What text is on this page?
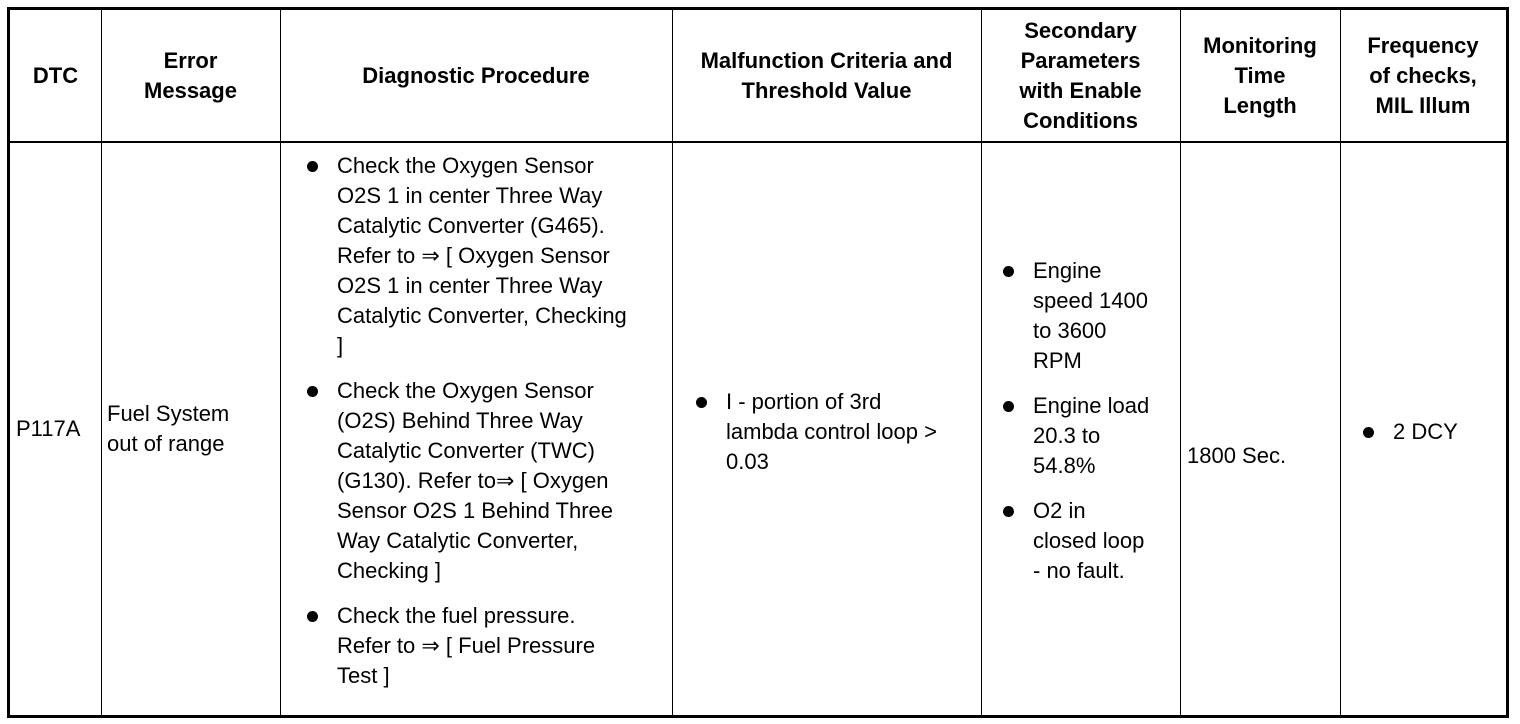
DTC
Error
Message
Diagnostic Procedure
Malfunction Criteria and
Threshold Value
Secondary
Parameters
with Enable
Conditions
Monitoring
Time
Length
Frequency
of checks,
MIL Illum
P117A
Fuel System
out of range
Check the Oxygen Sensor
O2S 1 in center Three Way
Catalytic Converter (G465).
Refer to ⇒ [ Oxygen Sensor
O2S 1 in center Three Way
Catalytic Converter, Checking
]
Check the Oxygen Sensor
(O2S) Behind Three Way
Catalytic Converter (TWC)
(G130). Refer to⇒ [ Oxygen
Sensor O2S 1 Behind Three
Way Catalytic Converter,
Checking ]
Check the fuel pressure.
Refer to ⇒ [ Fuel Pressure
Test ]
I - portion of 3rd
lambda control loop >
0.03
Engine
speed 1400
to 3600
RPM
Engine load
20.3 to
54.8%
O2 in
closed loop
- no fault.
1800 Sec.
2 DCY
